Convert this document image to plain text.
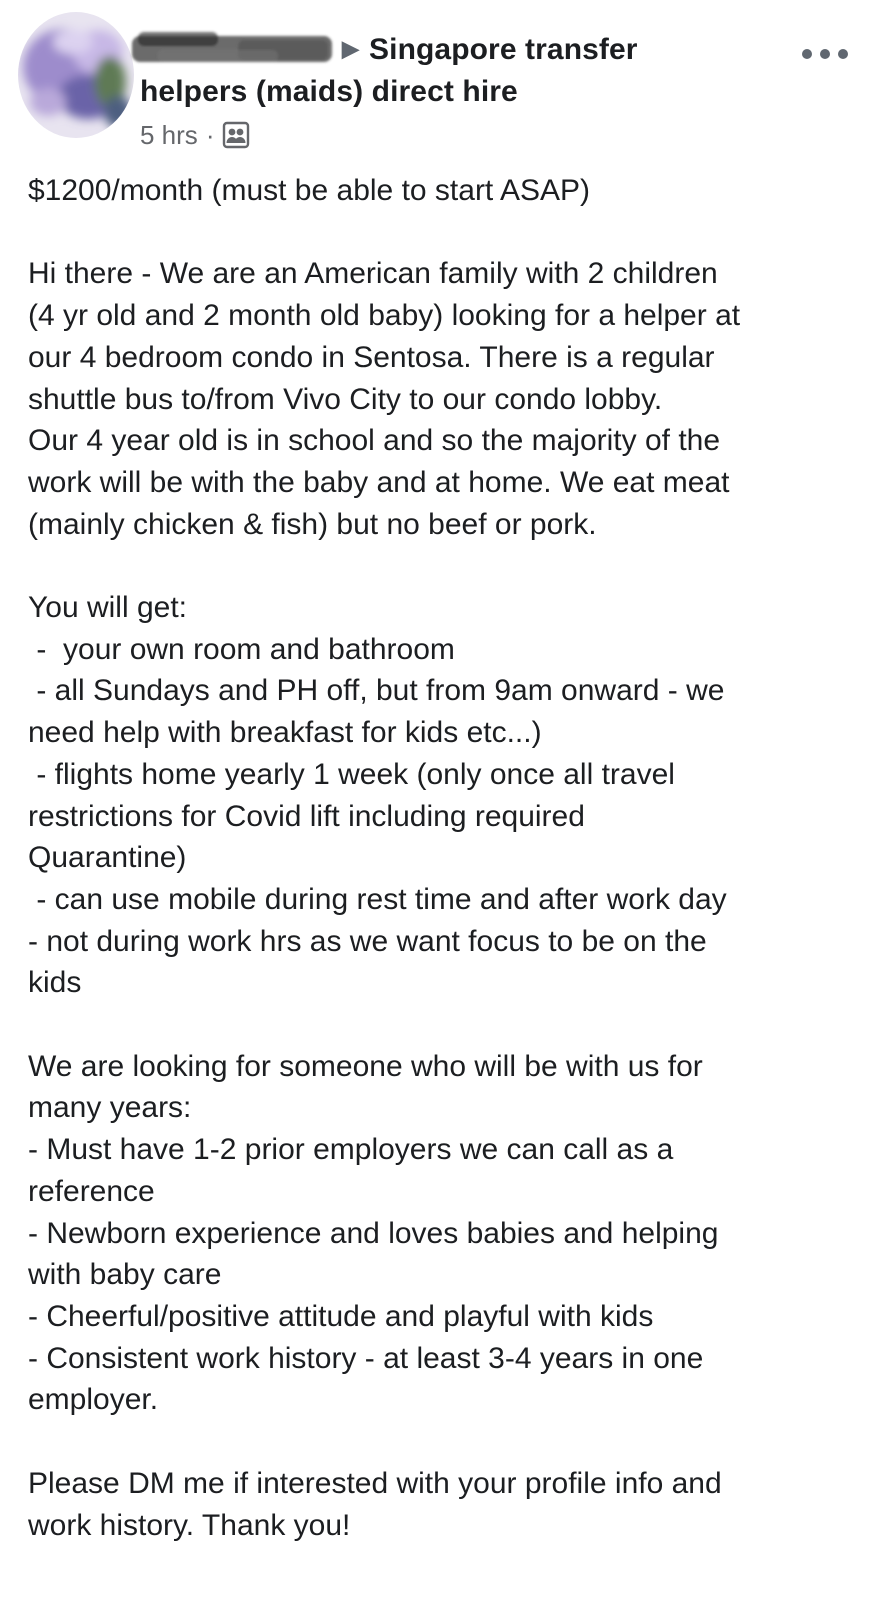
▶ Singapore transfer
helpers (maids) direct hire
5 hrs ·

$1200/month (must be able to start ASAP)

Hi there - We are an American family with 2 children

(4 yr old and 2 month old baby) looking for a helper at

our 4 bedroom condo in Sentosa. There is a regular

shuttle bus to/from Vivo City to our condo lobby.

Our 4 year old is in school and so the majority of the

work will be with the baby and at home. We eat meat

(mainly chicken & fish) but no beef or pork.

You will get:

-  your own room and bathroom

- all Sundays and PH off, but from 9am onward - we

need help with breakfast for kids etc...)

- flights home yearly 1 week (only once all travel

restrictions for Covid lift including required

Quarantine)

- can use mobile during rest time and after work day

- not during work hrs as we want focus to be on the

kids

We are looking for someone who will be with us for

many years:

- Must have 1-2 prior employers we can call as a

reference

- Newborn experience and loves babies and helping

with baby care

- Cheerful/positive attitude and playful with kids

- Consistent work history - at least 3-4 years in one

employer.

Please DM me if interested with your profile info and

work history. Thank you!
